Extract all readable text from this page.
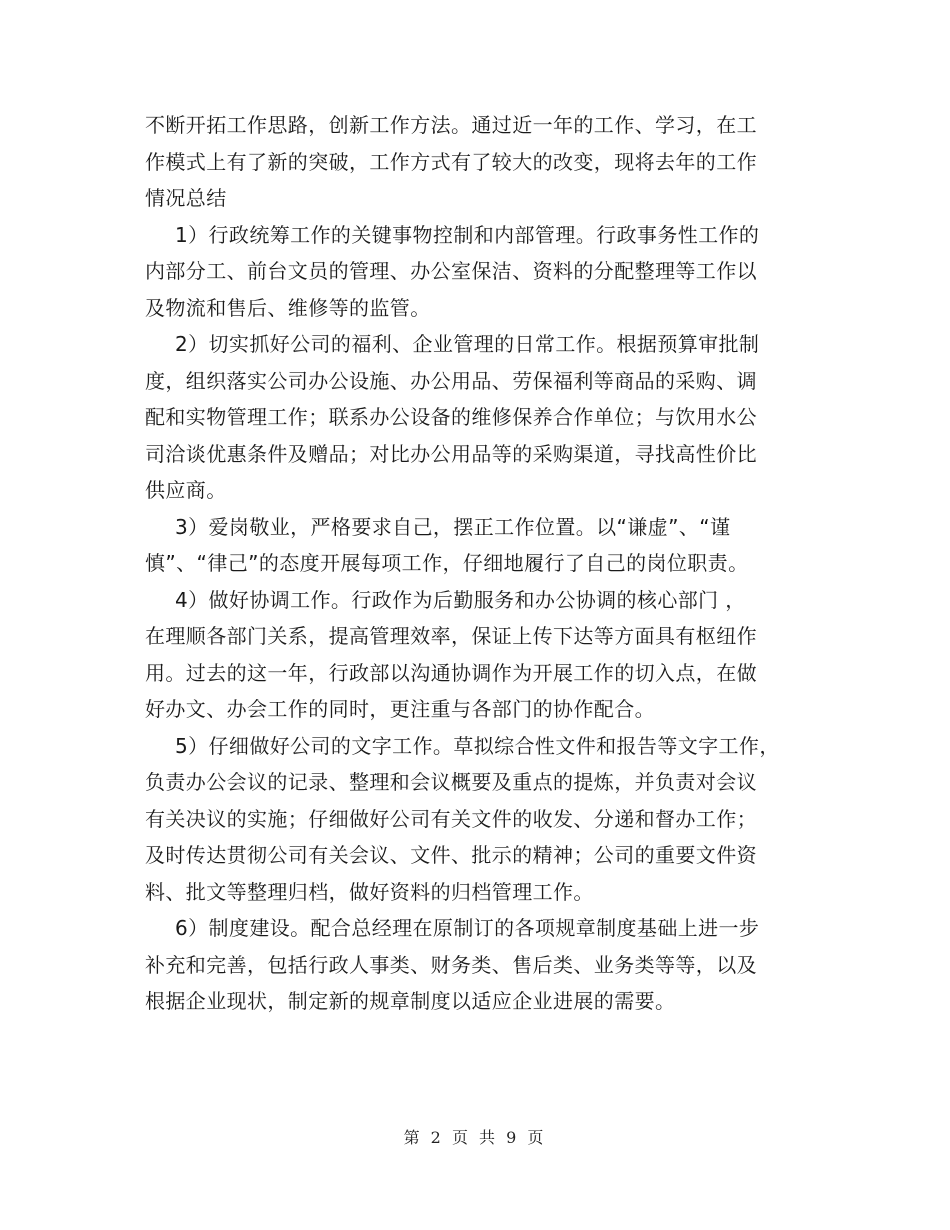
不断开拓工作思路，创新工作方法。通过近一年的工作、学习，在工
作模式上有了新的突破，工作方式有了较大的改变，现将去年的工作
情况总结

1）行政统筹工作的关键事物控制和内部管理。行政事务性工作的
内部分工、前台文员的管理、办公室保洁、资料的分配整理等工作以
及物流和售后、维修等的监管。

2）切实抓好公司的福利、企业管理的日常工作。根据预算审批制
度，组织落实公司办公设施、办公用品、劳保福利等商品的采购、调
配和实物管理工作；联系办公设备的维修保养合作单位；与饮用水公
司洽谈优惠条件及赠品；对比办公用品等的采购渠道，寻找高性价比
供应商。

3）爱岗敬业，严格要求自己，摆正工作位置。以“谦虚”、“谨
慎”、“律己”的态度开展每项工作，仔细地履行了自己的岗位职责。

4）做好协调工作。行政作为后勤服务和办公协调的核心部门 ，
在理顺各部门关系，提高管理效率，保证上传下达等方面具有枢纽作
用。过去的这一年，行政部以沟通协调作为开展工作的切入点，在做
好办文、办会工作的同时，更注重与各部门的协作配合。

5）仔细做好公司的文字工作。草拟综合性文件和报告等文字工作，
负责办公会议的记录、整理和会议概要及重点的提炼，并负责对会议
有关决议的实施；仔细做好公司有关文件的收发、分递和督办工作；
及时传达贯彻公司有关会议、文件、批示的精神；公司的重要文件资
料、批文等整理归档，做好资料的归档管理工作。

6）制度建设。配合总经理在原制订的各项规章制度基础上进一步
补充和完善，包括行政人事类、财务类、售后类、业务类等等，以及
根据企业现状，制定新的规章制度以适应企业进展的需要。

第 2 页 共 9 页
